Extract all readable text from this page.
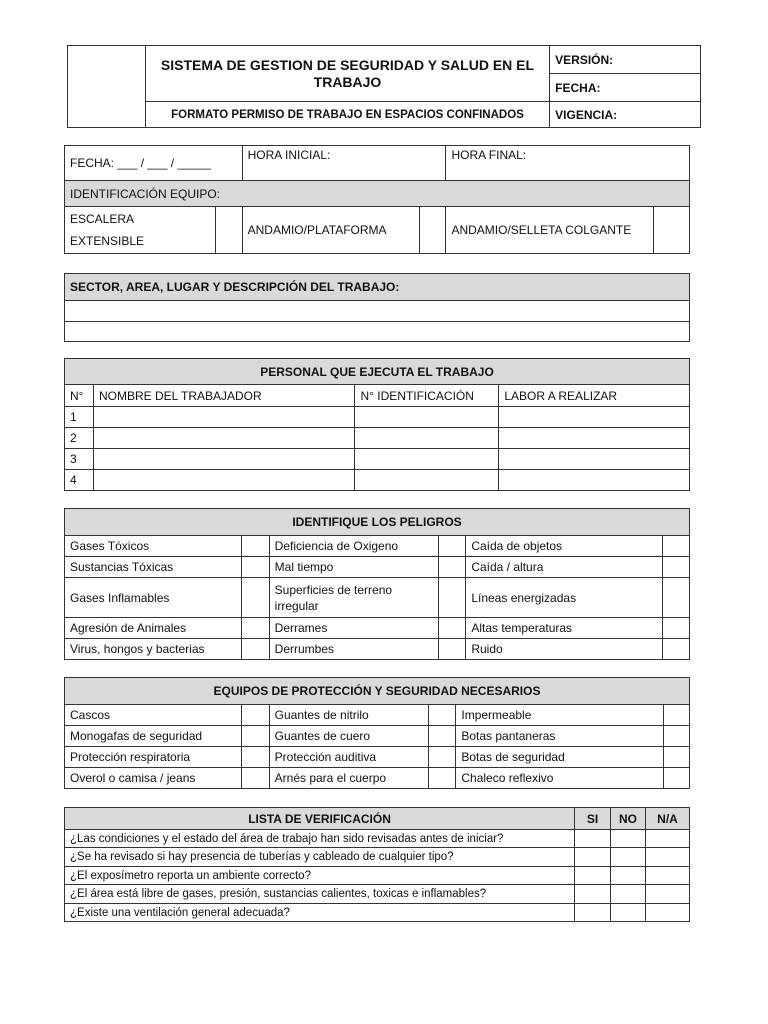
	SISTEMA DE GESTION DE SEGURIDAD Y SALUD EN EL TRABAJO	VERSIÓN:
		FECHA:
	FORMATO PERMISO DE TRABAJO EN ESPACIOS CONFINADOS	VIGENCIA:
FECHA: ___ / ___ / _____		HORA INICIAL:		HORA FINAL:	
IDENTIFICACIÓN EQUIPO:					
ESCALERA EXTENSIBLE		ANDAMIO/PLATAFORMA		ANDAMIO/SELLETA COLGANTE	
SECTOR, AREA, LUGAR Y DESCRIPCIÓN DEL TRABAJO:

PERSONAL QUE EJECUTA EL TRABAJO			
N°	NOMBRE DEL TRABAJADOR	N° IDENTIFICACIÓN	LABOR A REALIZAR
1			
2			
3			
4			
IDENTIFIQUE LOS PELIGROS					
Gases Tóxicos		Deficiencia de Oxigeno		Caída de objetos	
Sustancias Tóxicas		Mal tiempo		Caída / altura	
Gases Inflamables		Superficies de terreno irregular		Líneas energizadas	
Agresión de Animales		Derrames		Altas temperaturas	
Virus, hongos y bacterias		Derrumbes		Ruido	
EQUIPOS DE PROTECCIÓN Y SEGURIDAD NECESARIOS					
Cascos		Guantes de nitrilo		Impermeable	
Monogafas de seguridad		Guantes de cuero		Botas pantaneras	
Protección respiratoria		Protección auditiva		Botas de seguridad	
Overol o camisa / jeans		Arnés para el cuerpo		Chaleco reflexivo	
LISTA DE VERIFICACIÓN	SI	NO	N/A
¿Las condiciones y el estado del área de trabajo han sido revisadas antes de iniciar?			
¿Se ha revisado si hay presencia de tuberías y cableado de cualquier tipo?			
¿El exposímetro reporta un ambiente correcto?			
¿El área está libre de gases, presión, sustancias calientes, toxicas e inflamables?			
¿Existe una ventilación general adecuada?			
